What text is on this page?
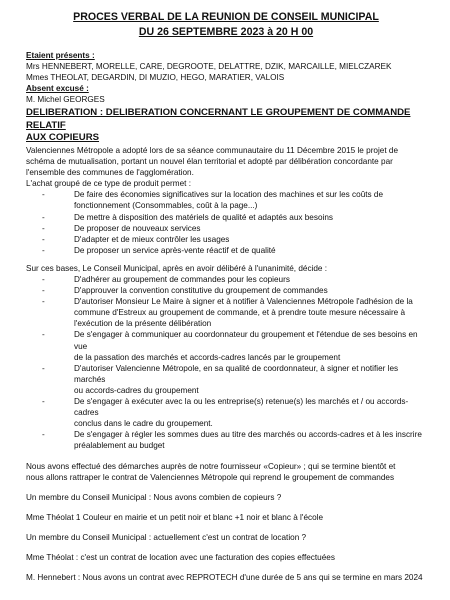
PROCES VERBAL DE LA REUNION DE CONSEIL MUNICIPAL

DU 26 SEPTEMBRE 2023 à 20 H 00

Etaient présents :

Mrs HENNEBERT, MORELLE, CARE, DEGROOTE, DELATTRE, DZIK, MARCAILLE, MIELCZAREK

Mmes THEOLAT, DEGARDIN, DI MUZIO, HEGO, MARATIER, VALOIS

Absent excusé :

M. Michel GEORGES

DELIBERATION : DELIBERATION CONCERNANT LE GROUPEMENT DE COMMANDE RELATIF
AUX COPIEURS

Valenciennes Métropole a adopté lors de sa séance communautaire du 11 Décembre 2015 le projet de

schéma de mutualisation, portant un nouvel élan territorial et adopté par délibération concordante par

l'ensemble des communes de l'agglomération.

L'achat groupé de ce type de produit permet :

-	De faire des économies significatives sur la location des machines et sur les coûts de
fonctionnement (Consommables, coût à la page...)
-	De mettre à disposition des matériels de qualité et adaptés aux besoins
-	De proposer de nouveaux services
-	D'adapter et de mieux contrôler les usages
-	De proposer un service après-vente réactif et de qualité

Sur ces bases, Le Conseil Municipal, après en avoir délibéré à l'unanimité, décide :

-	D'adhérer au groupement de commandes pour les copieurs
-	D'approuver la convention constitutive du groupement de commandes
-	D'autoriser Monsieur Le Maire à signer et à notifier à Valenciennes Métropole l'adhésion de la
commune d'Estreux au groupement de commande, et à prendre toute mesure nécessaire à
l'exécution de la présente délibération
-	De s'engager à communiquer au coordonnateur du groupement et l'étendue de ses besoins en vue
de la passation des marchés et accords-cadres lancés par le groupement
-	D'autoriser Valencienne Métropole, en sa qualité de coordonnateur, à signer et notifier les marchés
ou accords-cadres du groupement
-	De s'engager à exécuter avec la ou les entreprise(s) retenue(s) les marchés et / ou accords-cadres
conclus dans le cadre du groupement.
-	De s'engager à régler les sommes dues au titre des marchés ou accords-cadres et à les inscrire
préalablement au budget

Nous avons effectué des démarches auprès de notre fournisseur «Copieur» ; qui se termine bientôt et

nous allons rattraper le contrat de Valenciennes Métropole qui reprend le groupement de commandes

Un membre du Conseil Municipal : Nous avons combien de copieurs ?

Mme Théolat 1 Couleur en mairie et un petit noir et blanc +1 noir et blanc à l'école

Un membre du Conseil Municipal : actuellement c'est un contrat de location ?

Mme Théolat : c'est un contrat de location avec une facturation des copies effectuées

M. Hennebert : Nous avons un contrat avec REPROTECH d'une durée de 5 ans qui se termine en mars 2024
